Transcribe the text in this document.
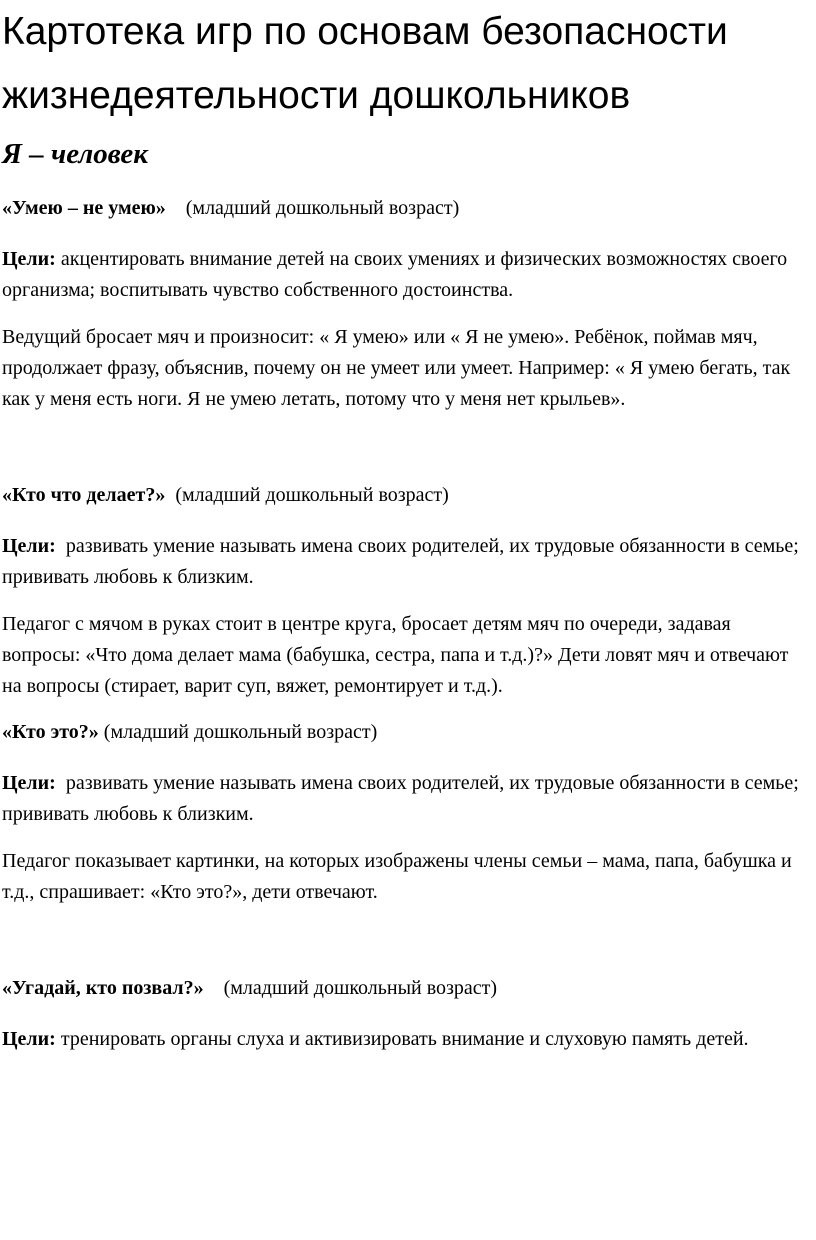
Картотека игр по основам безопасности жизнедеятельности дошкольников
Я – человек

«Умею – не умею» (младший дошкольный возраст)

Цели: акцентировать внимание детей на своих умениях и физических возможностях своего организма; воспитывать чувство собственного достоинства.

Ведущий бросает мяч и произносит: « Я умею» или « Я не умею». Ребёнок, поймав мяч, продолжает фразу, объяснив, почему он не умеет или умеет. Например: « Я умею бегать, так как у меня есть ноги. Я не умею летать, потому что у меня нет крыльев».

«Кто что делает?» (младший дошкольный возраст)

Цели: развивать умение называть имена своих родителей, их трудовые обязанности в семье; прививать любовь к близким.

Педагог с мячом в руках стоит в центре круга, бросает детям мяч по очереди, задавая вопросы: «Что дома делает мама (бабушка, сестра, папа и т.д.)?» Дети ловят мяч и отвечают на вопросы (стирает, варит суп, вяжет, ремонтирует и т.д.).

«Кто это?» (младший дошкольный возраст)

Цели: развивать умение называть имена своих родителей, их трудовые обязанности в семье; прививать любовь к близким.

Педагог показывает картинки, на которых изображены члены семьи – мама, папа, бабушка и т.д., спрашивает: «Кто это?», дети отвечают.

«Угадай, кто позвал?» (младший дошкольный возраст)

Цели: тренировать органы слуха и активизировать внимание и слуховую память детей.
